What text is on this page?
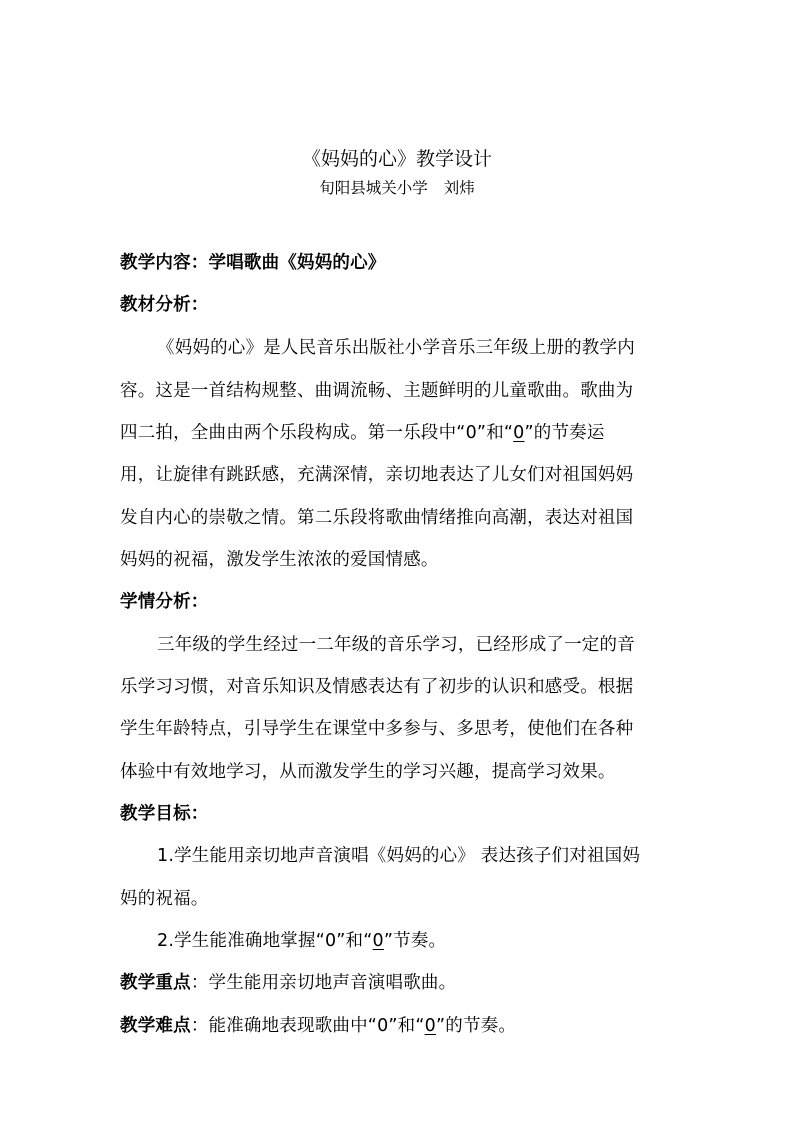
《妈妈的心》教学设计
旬阳县城关小学 刘炜
教学内容：学唱歌曲《妈妈的心》
教材分析：
《妈妈的心》是人民音乐出版社小学音乐三年级上册的教学内
容。这是一首结构规整、曲调流畅、主题鲜明的儿童歌曲。歌曲为
四二拍，全曲由两个乐段构成。第一乐段中“0”和“0”的节奏运
用，让旋律有跳跃感，充满深情，亲切地表达了儿女们对祖国妈妈
发自内心的崇敬之情。第二乐段将歌曲情绪推向高潮，表达对祖国
妈妈的祝福，激发学生浓浓的爱国情感。
学情分析：
三年级的学生经过一二年级的音乐学习，已经形成了一定的音
乐学习习惯，对音乐知识及情感表达有了初步的认识和感受。根据
学生年龄特点，引导学生在课堂中多参与、多思考，使他们在各种
体验中有效地学习，从而激发学生的学习兴趣，提高学习效果。
教学目标：
1.学生能用亲切地声音演唱《妈妈的心》 表达孩子们对祖国妈
妈的祝福。
2.学生能准确地掌握“0”和“0”节奏。
教学重点：学生能用亲切地声音演唱歌曲。
教学难点：能准确地表现歌曲中“0”和“0”的节奏。
